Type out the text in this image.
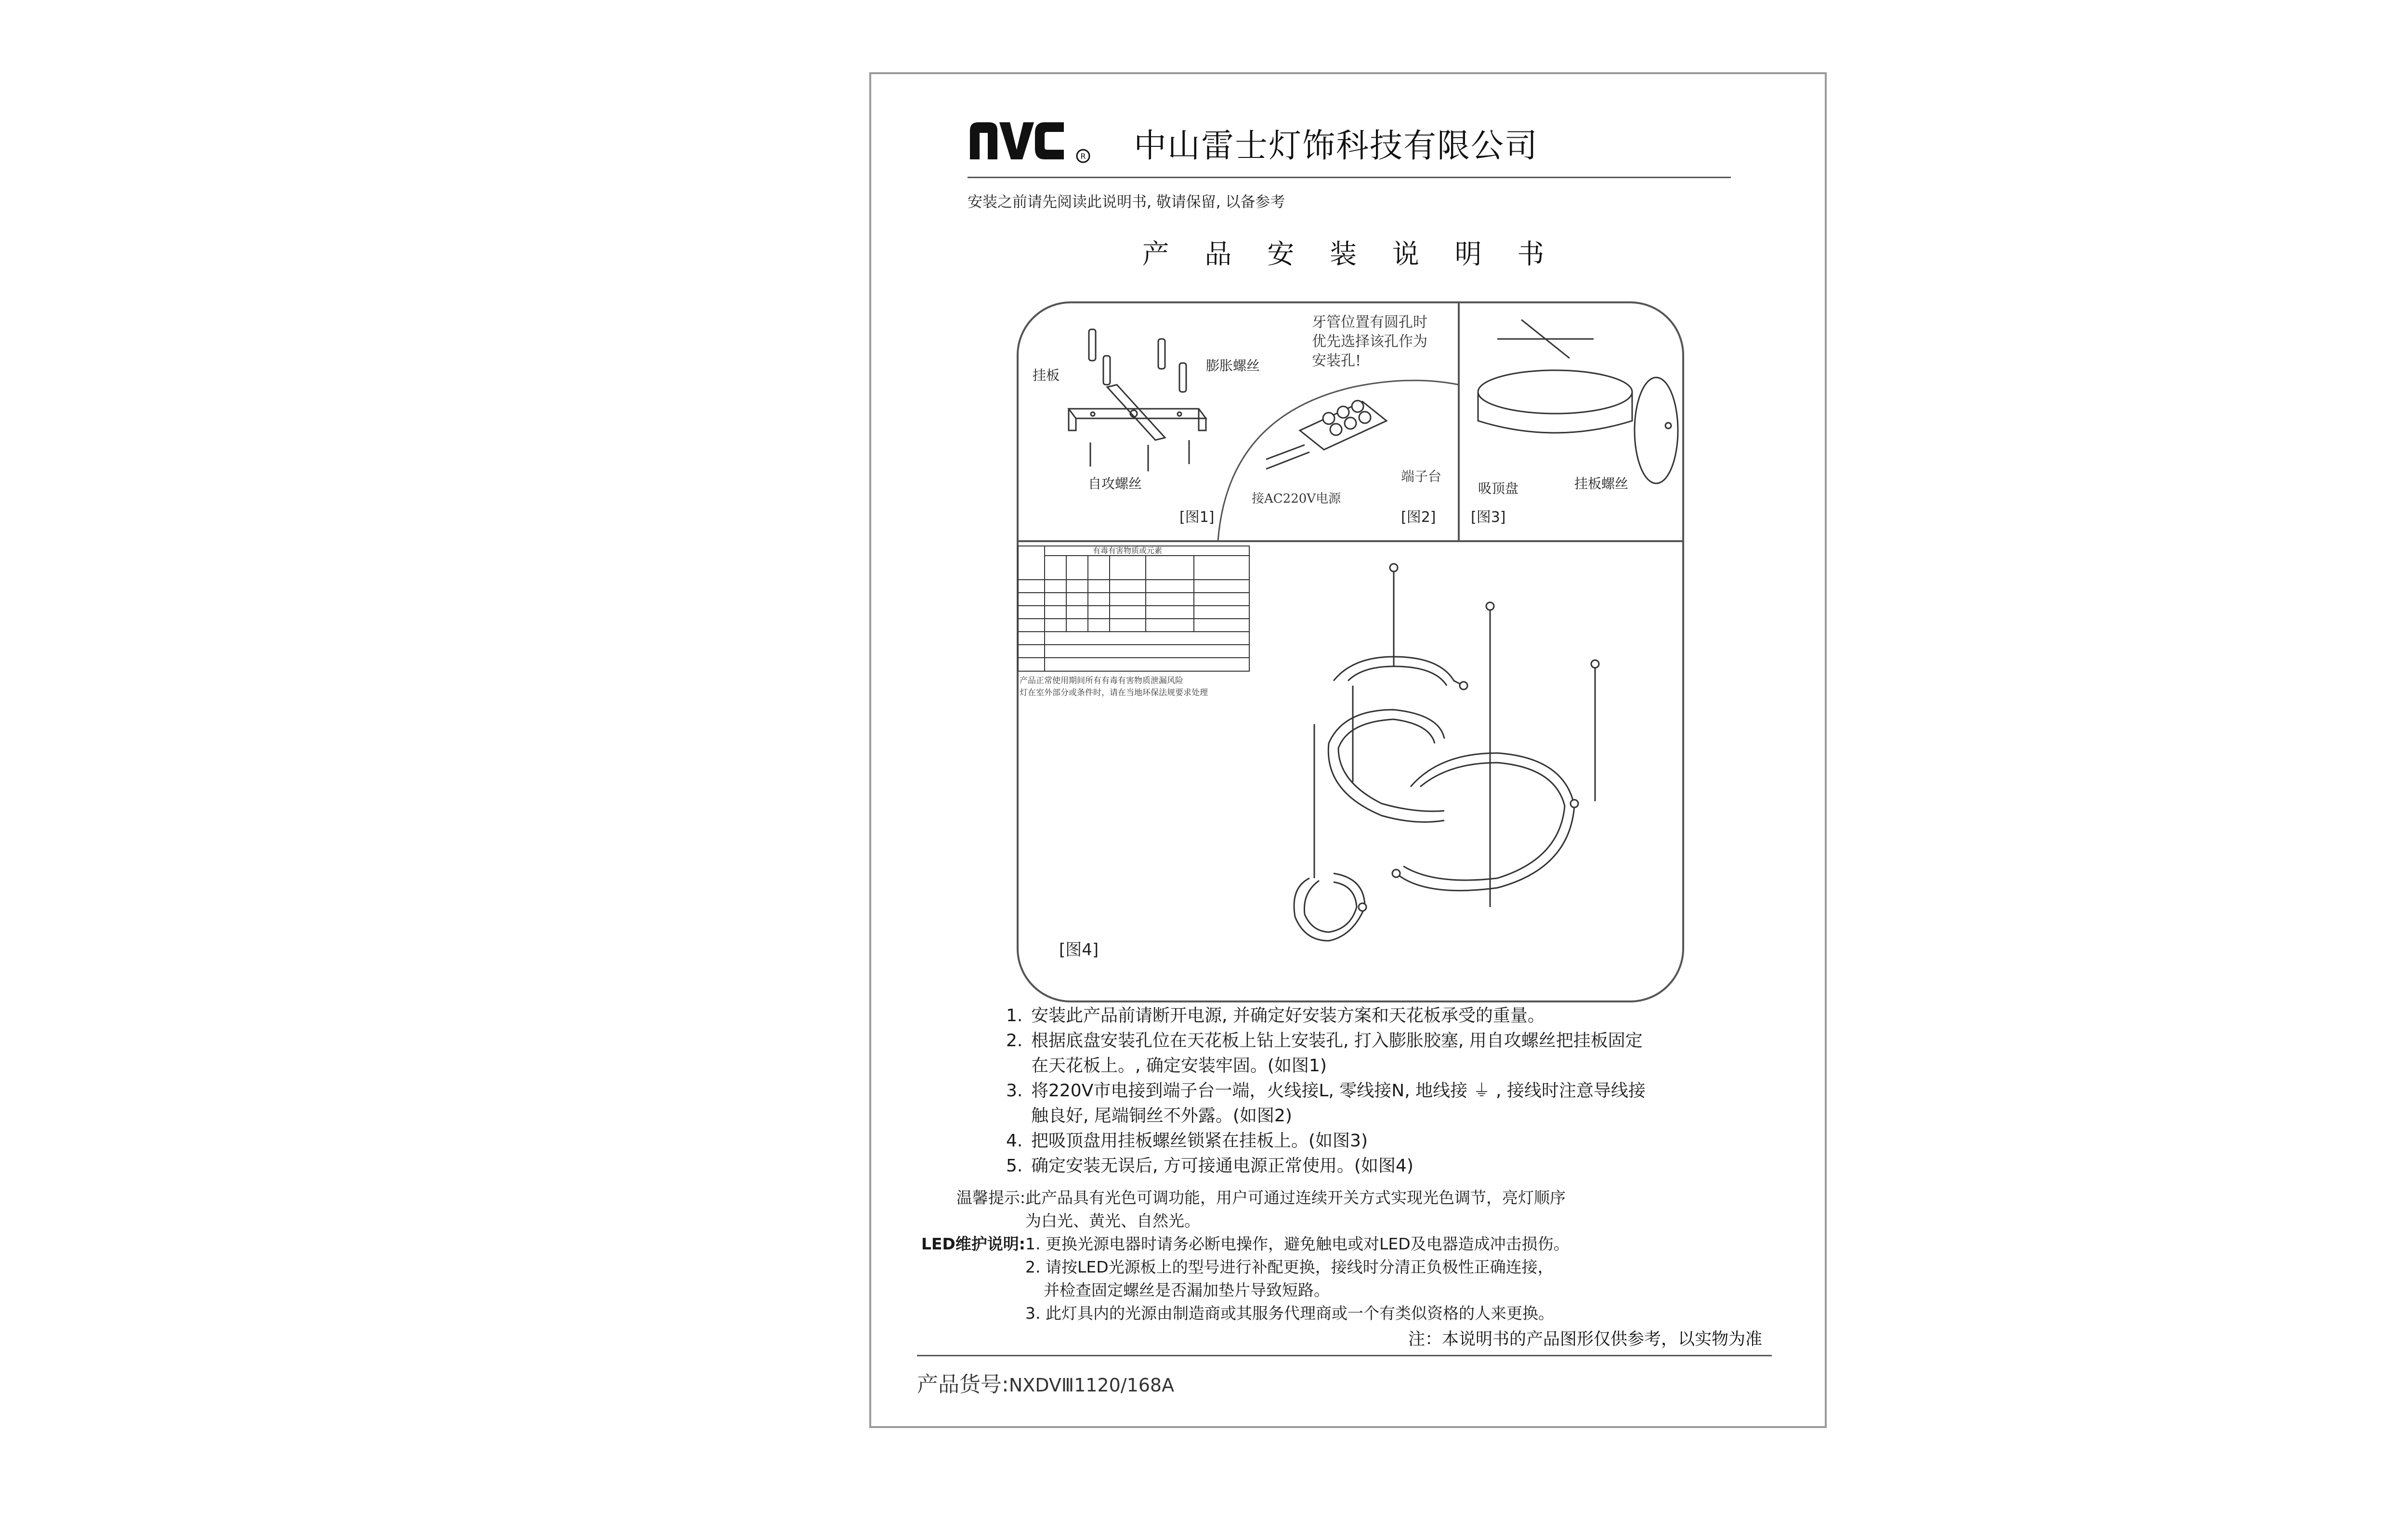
R 中山雷士灯饰科技有限公司
安装之前请先阅读此说明书, 敬请保留, 以备参考
产 品 安 装 说 明 书
挂板
膨胀螺丝
自攻螺丝
[图1]
牙管位置有圆孔时
优先选择该孔作为
安装孔!
端子台
接AC220V电源
[图2]
吸顶盘	挂板螺丝
[图3]
有毒有害物质或元素
产品正常使用期间所有有毒有害物质泄漏风险
灯在室外部分或条件时，请在当地环保法规要求处理
[图4]
1. 安装此产品前请断开电源, 并确定好安装方案和天花板承受的重量。
2. 根据底盘安装孔位在天花板上钻上安装孔, 打入膨胀胶塞, 用自攻螺丝把挂板固定
在天花板上。, 确定安装牢固。(如图1)
3. 将220V市电接到端子台一端，火线接L, 零线接N, 地线接 ⏚ , 接线时注意导线接
触良好, 尾端铜丝不外露。(如图2)
4. 把吸顶盘用挂板螺丝锁紧在挂板上。(如图3)
5. 确定安装无误后, 方可接通电源正常使用。(如图4)
温馨提示: 此产品具有光色可调功能，用户可通过连续开关方式实现光色调节，亮灯顺序
为白光、黄光、自然光。
LED维护说明: 1. 更换光源电器时请务必断电操作，避免触电或对LED及电器造成冲击损伤。
2. 请按LED光源板上的型号进行补配更换，接线时分清正负极性正确连接，
并检查固定螺丝是否漏加垫片导致短路。
3. 此灯具内的光源由制造商或其服务代理商或一个有类似资格的人来更换。
注：本说明书的产品图形仅供参考，以实物为准
产品货号:NXDVⅢ1120/168A
